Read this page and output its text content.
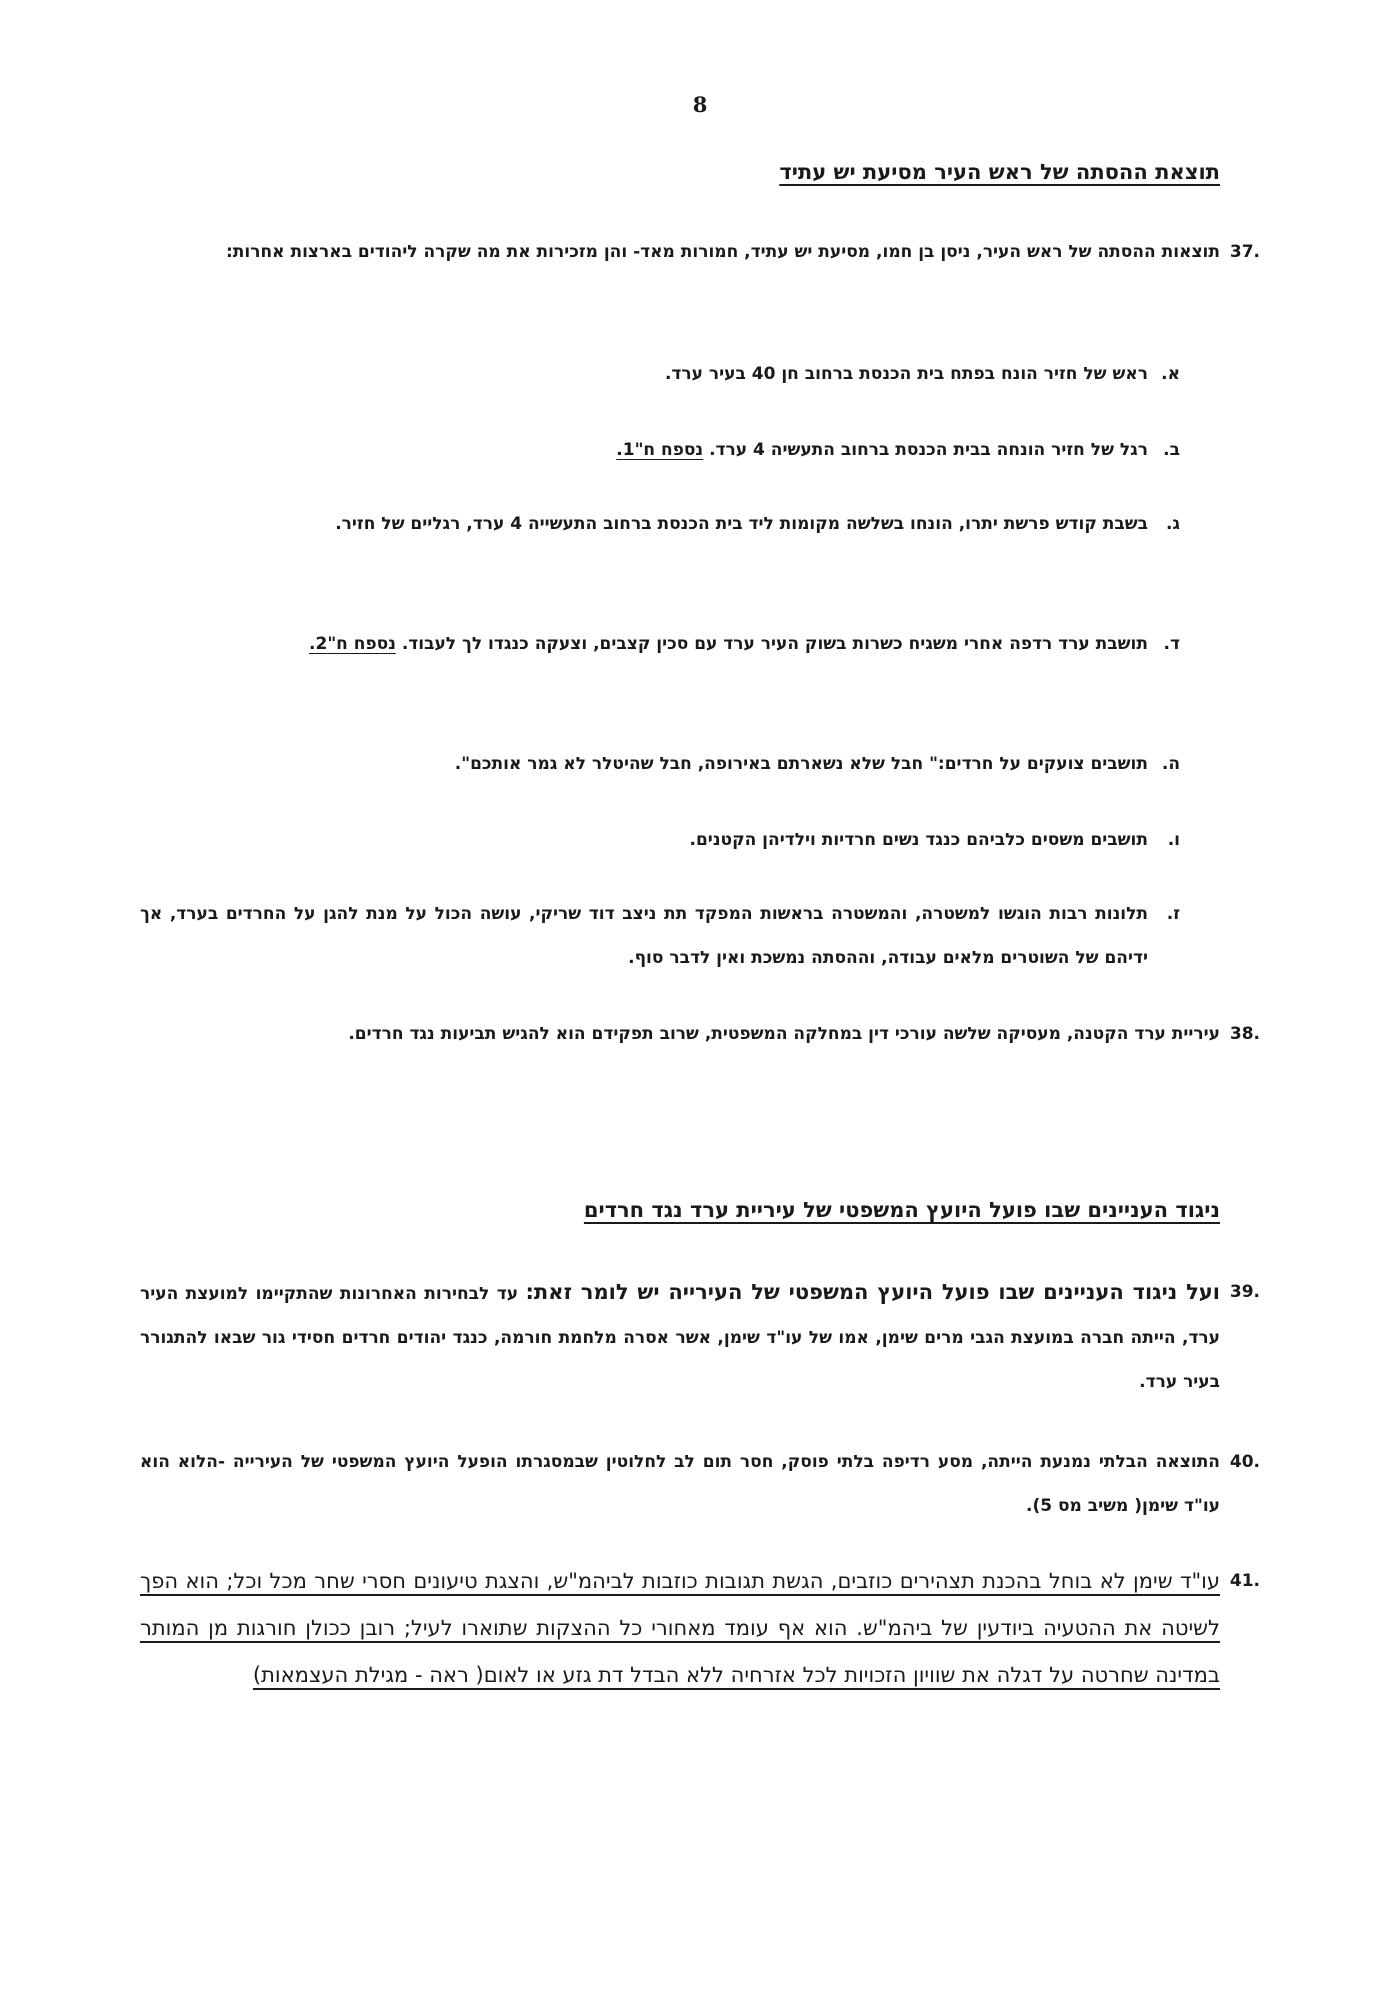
8
תוצאת ההסתה של ראש העיר מסיעת יש עתיד
.37
תוצאות ההסתה של ראש העיר, ניסן בן חמו, מסיעת יש עתיד, חמורות מאד- והן מזכירות את מה שקרה ליהודים בארצות אחרות:
א.
ראש של חזיר הונח בפתח בית הכנסת ברחוב חן 40 בעיר ערד.
ב.
רגל של חזיר הונחה בבית הכנסת ברחוב התעשיה 4 ערד. נספח ח"1.
ג.
בשבת קודש פרשת יתרו, הונחו בשלשה מקומות ליד בית הכנסת ברחוב התעשייה 4 ערד, רגליים של חזיר.
ד.
תושבת ערד רדפה אחרי משגיח כשרות בשוק העיר ערד עם סכין קצבים, וצעקה כנגדו לך לעבוד. נספח ח"2.
ה.
תושבים צועקים על חרדים:" חבל שלא נשארתם באירופה, חבל שהיטלר לא גמר אותכם".
ו.
תושבים משסים כלביהם כנגד נשים חרדיות וילדיהן הקטנים.
ז.
תלונות רבות הוגשו למשטרה, והמשטרה בראשות המפקד תת ניצב דוד שריקי, עושה הכול על מנת להגן על החרדים בערד, אך ידיהם של השוטרים מלאים עבודה, וההסתה נמשכת ואין לדבר סוף.
.38
עיריית ערד הקטנה, מעסיקה שלשה עורכי דין במחלקה המשפטית, שרוב תפקידם הוא להגיש תביעות נגד חרדים.
ניגוד העניינים שבו פועל היועץ המשפטי של עיריית ערד נגד חרדים
.39
ועל ניגוד העניינים שבו פועל היועץ המשפטי של העירייה יש לומר זאת: עד לבחירות האחרונות שהתקיימו למועצת העיר ערד, הייתה חברה במועצת הגבי מרים שימן, אמו של עו"ד שימן, אשר אסרה מלחמת חורמה, כנגד יהודים חרדים חסידי גור שבאו להתגורר בעיר ערד.
.40
התוצאה הבלתי נמנעת הייתה, מסע רדיפה בלתי פוסק, חסר תום לב לחלוטין שבמסגרתו הופעל היועץ המשפטי של העירייה -הלוא הוא עו"ד שימן( משיב מס 5).
.41
עו"ד שימן לא בוחל בהכנת תצהירים כוזבים, הגשת תגובות כוזבות לביהמ"ש, והצגת טיעונים חסרי שחר מכל וכל; הוא הפך לשיטה את ההטעיה ביודעין של ביהמ"ש. הוא אף עומד מאחורי כל ההצקות שתוארו לעיל; רובן ככולן חורגות מן המותר במדינה שחרטה על דגלה את שוויון הזכויות לכל אזרחיה ללא הבדל דת גזע או לאום( ראה - מגילת העצמאות)
